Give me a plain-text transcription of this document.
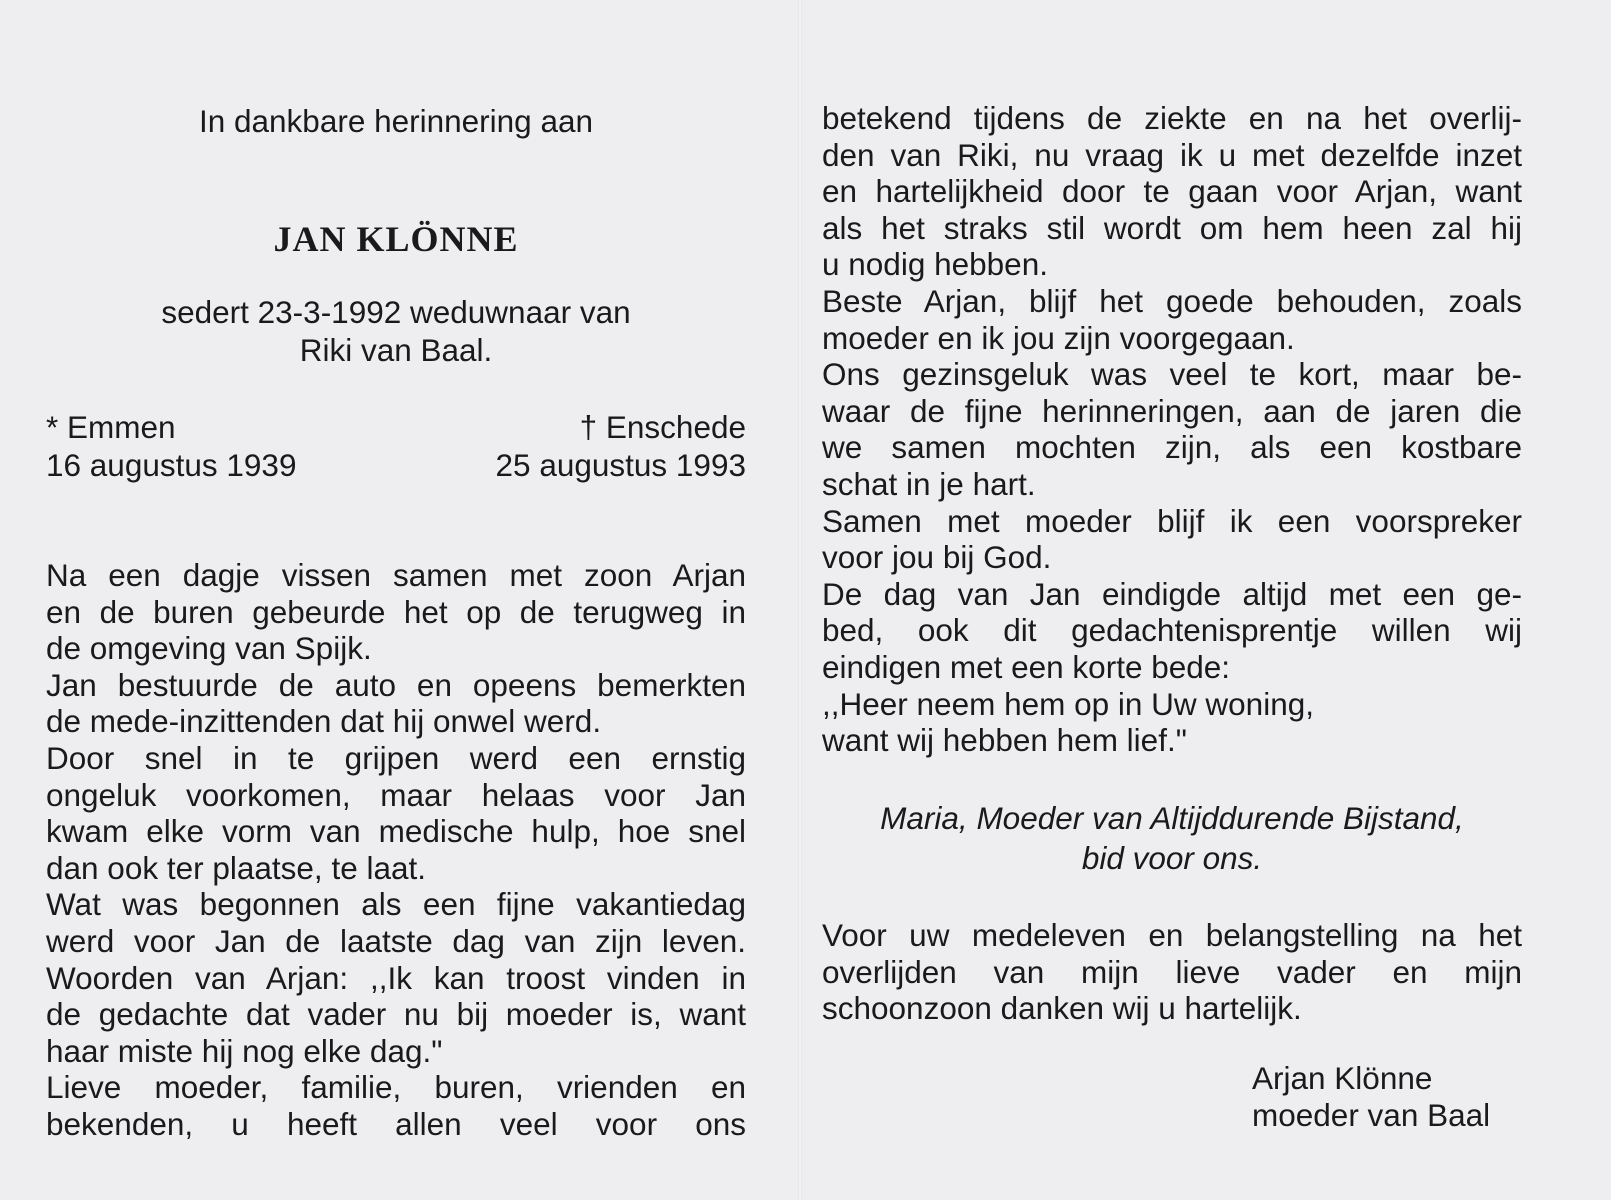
In dankbare herinnering aan
JAN KLÖNNE
sedert 23-3-1992 weduwnaar van
Riki van Baal.
* Emmen	† Enschede
16 augustus 1939	25 augustus 1993
Na een dagje vissen samen met zoon Arjan
en de buren gebeurde het op de terugweg in
de omgeving van Spijk.
Jan bestuurde de auto en opeens bemerkten
de mede-inzittenden dat hij onwel werd.
Door snel in te grijpen werd een ernstig
ongeluk voorkomen, maar helaas voor Jan
kwam elke vorm van medische hulp, hoe snel
dan ook ter plaatse, te laat.
Wat was begonnen als een fijne vakantiedag
werd voor Jan de laatste dag van zijn leven.
Woorden van Arjan: ,,Ik kan troost vinden in
de gedachte dat vader nu bij moeder is, want
haar miste hij nog elke dag."
Lieve moeder, familie, buren, vrienden en
bekenden, u heeft allen veel voor ons
betekend tijdens de ziekte en na het overlij-
den van Riki, nu vraag ik u met dezelfde inzet
en hartelijkheid door te gaan voor Arjan, want
als het straks stil wordt om hem heen zal hij
u nodig hebben.
Beste Arjan, blijf het goede behouden, zoals
moeder en ik jou zijn voorgegaan.
Ons gezinsgeluk was veel te kort, maar be-
waar de fijne herinneringen, aan de jaren die
we samen mochten zijn, als een kostbare
schat in je hart.
Samen met moeder blijf ik een voorspreker
voor jou bij God.
De dag van Jan eindigde altijd met een ge-
bed, ook dit gedachtenisprentje willen wij
eindigen met een korte bede:
,,Heer neem hem op in Uw woning,
want wij hebben hem lief."
Maria, Moeder van Altijddurende Bijstand,
bid voor ons.
Voor uw medeleven en belangstelling na het
overlijden van mijn lieve vader en mijn
schoonzoon danken wij u hartelijk.
Arjan Klönne
moeder van Baal
